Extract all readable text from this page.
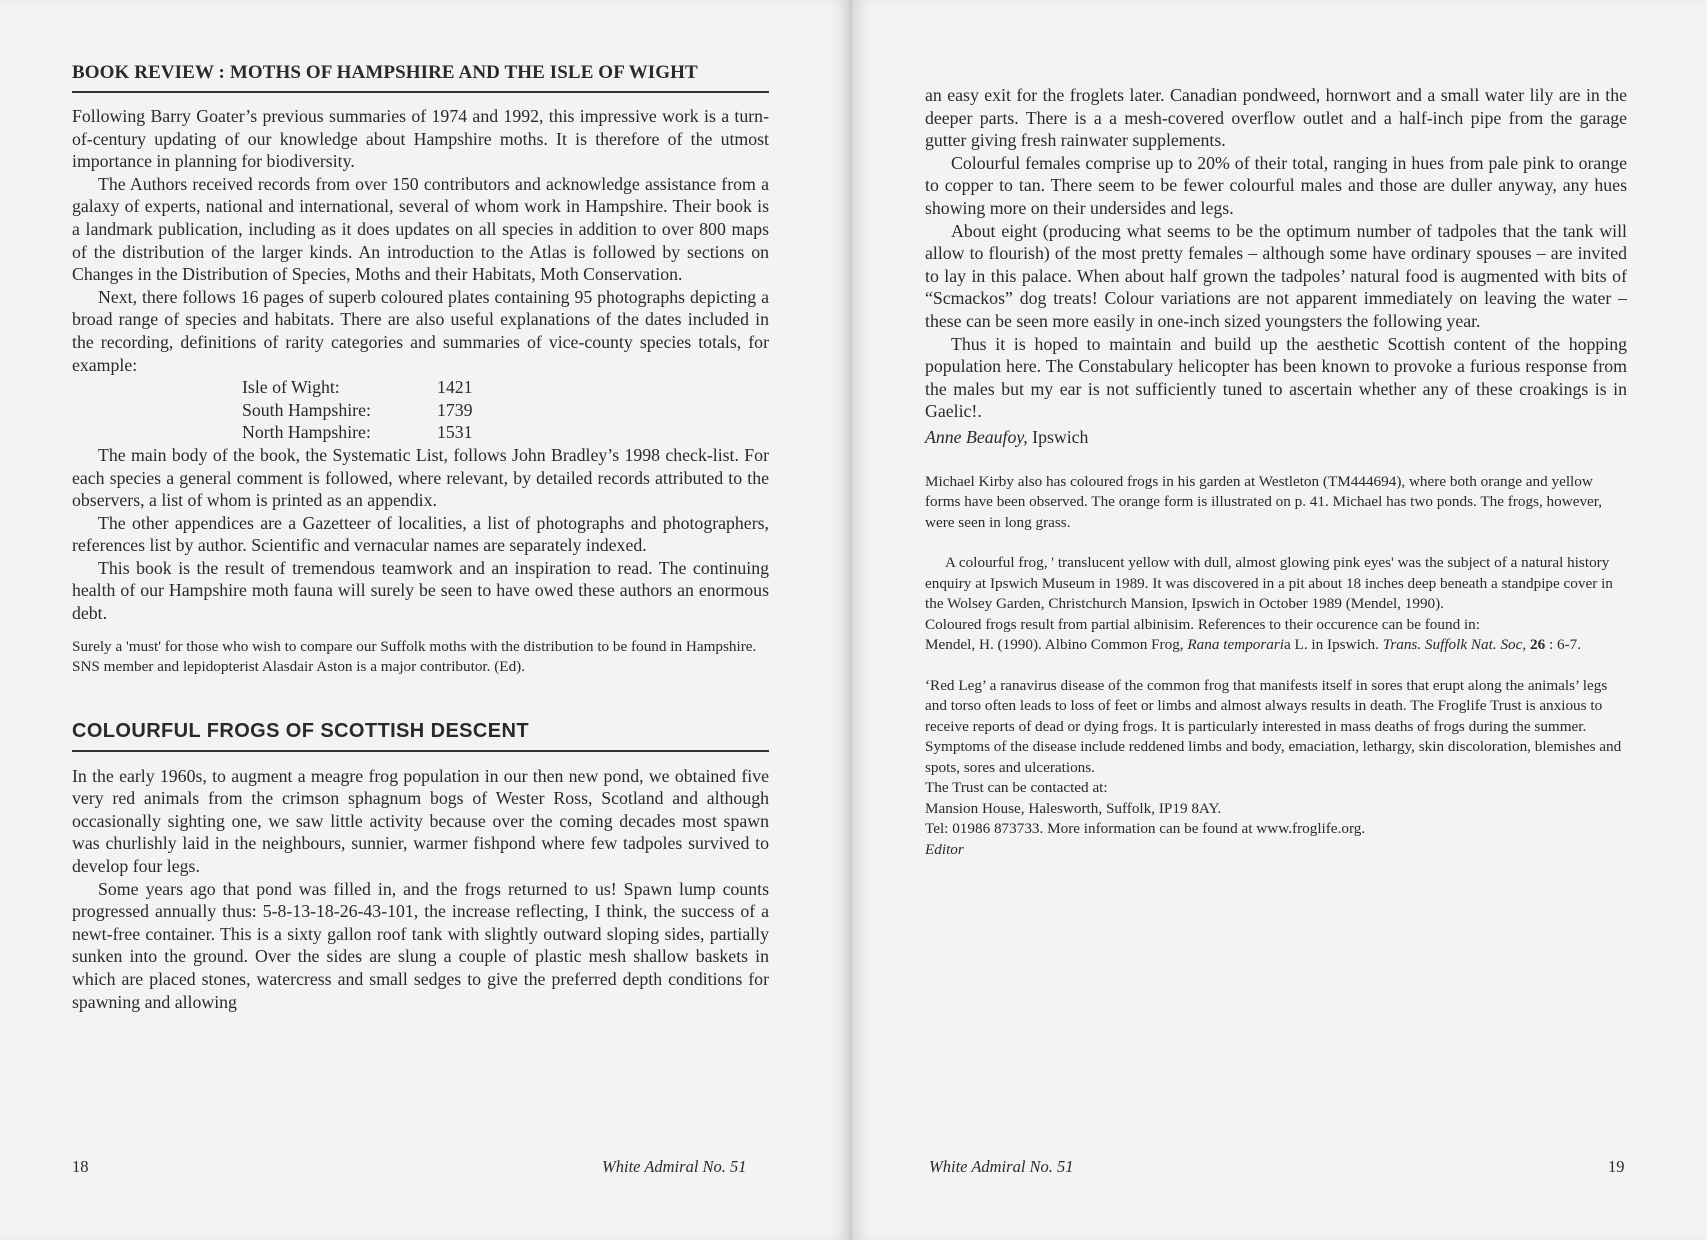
BOOK REVIEW : MOTHS OF HAMPSHIRE AND THE ISLE OF WIGHT

Following Barry Goater’s previous summaries of 1974 and 1992, this impressive work is a turn-of-century updating of our knowledge about Hampshire moths. It is therefore of the utmost importance in planning for biodiversity.

The Authors received records from over 150 contributors and acknowledge assistance from a galaxy of experts, national and international, several of whom work in Hampshire. Their book is a landmark publication, including as it does updates on all species in addition to over 800 maps of the distribution of the larger kinds. An introduction to the Atlas is followed by sections on Changes in the Distribution of Species, Moths and their Habitats, Moth Conservation.

Next, there follows 16 pages of superb coloured plates containing 95 photographs depicting a broad range of species and habitats. There are also useful explanations of the dates included in the recording, definitions of rarity categories and summaries of vice-county species totals, for example:

Isle of Wight:	1421
South Hampshire:	1739
North Hampshire:	1531

The main body of the book, the Systematic List, follows John Bradley’s 1998 check-list. For each species a general comment is followed, where relevant, by detailed records attributed to the observers, a list of whom is printed as an appendix.

The other appendices are a Gazetteer of localities, a list of photographs and photographers, references list by author. Scientific and vernacular names are separately indexed.

This book is the result of tremendous teamwork and an inspiration to read. The continuing health of our Hampshire moth fauna will surely be seen to have owed these authors an enormous debt.

Surely a 'must' for those who wish to compare our Suffolk moths with the distribution to be found in Hampshire. SNS member and lepidopterist Alasdair Aston is a major contributor. (Ed).

COLOURFUL FROGS OF SCOTTISH DESCENT

In the early 1960s, to augment a meagre frog population in our then new pond, we obtained five very red animals from the crimson sphagnum bogs of Wester Ross, Scotland and although occasionally sighting one, we saw little activity because over the coming decades most spawn was churlishly laid in the neighbours, sunnier, warmer fishpond where few tadpoles survived to develop four legs.

Some years ago that pond was filled in, and the frogs returned to us! Spawn lump counts progressed annually thus: 5-8-13-18-26-43-101, the increase reflecting, I think, the success of a newt-free container. This is a sixty gallon roof tank with slightly outward sloping sides, partially sunken into the ground. Over the sides are slung a couple of plastic mesh shallow baskets in which are placed stones, watercress and small sedges to give the preferred depth conditions for spawning and allowing

18	White Admiral No. 51

an easy exit for the froglets later. Canadian pondweed, hornwort and a small water lily are in the deeper parts. There is a a mesh-covered overflow outlet and a half-inch pipe from the garage gutter giving fresh rainwater supplements.

Colourful females comprise up to 20% of their total, ranging in hues from pale pink to orange to copper to tan. There seem to be fewer colourful males and those are duller anyway, any hues showing more on their undersides and legs.

About eight (producing what seems to be the optimum number of tadpoles that the tank will allow to flourish) of the most pretty females – although some have ordinary spouses – are invited to lay in this palace. When about half grown the tadpoles’ natural food is augmented with bits of “Scmackos” dog treats! Colour variations are not apparent immediately on leaving the water – these can be seen more easily in one-inch sized youngsters the following year.

Thus it is hoped to maintain and build up the aesthetic Scottish content of the hopping population here. The Constabulary helicopter has been known to provoke a furious response from the males but my ear is not sufficiently tuned to ascertain whether any of these croakings is in Gaelic!.

Anne Beaufoy, Ipswich

Michael Kirby also has coloured frogs in his garden at Westleton (TM444694), where both orange and yellow forms have been observed. The orange form is illustrated on p. 41. Michael has two ponds. The frogs, however, were seen in long grass.

A colourful frog, ' translucent yellow with dull, almost glowing pink eyes' was the subject of a natural history enquiry at Ipswich Museum in 1989. It was discovered in a pit about 18 inches deep beneath a standpipe cover in the Wolsey Garden, Christchurch Mansion, Ipswich in October 1989 (Mendel, 1990).

Coloured frogs result from partial albinisim. References to their occurence can be found in:

Mendel, H. (1990). Albino Common Frog, Rana temporaria L. in Ipswich. Trans. Suffolk Nat. Soc, 26 : 6-7.

‘Red Leg’ a ranavirus disease of the common frog that manifests itself in sores that erupt along the animals’ legs and torso often leads to loss of feet or limbs and almost always results in death. The Froglife Trust is anxious to receive reports of dead or dying frogs. It is particularly interested in mass deaths of frogs during the summer. Symptoms of the disease include reddened limbs and body, emaciation, lethargy, skin discoloration, blemishes and spots, sores and ulcerations.

The Trust can be contacted at:

Mansion House, Halesworth, Suffolk, IP19 8AY.

Tel: 01986 873733. More information can be found at www.froglife.org.

Editor

White Admiral No. 51	19
